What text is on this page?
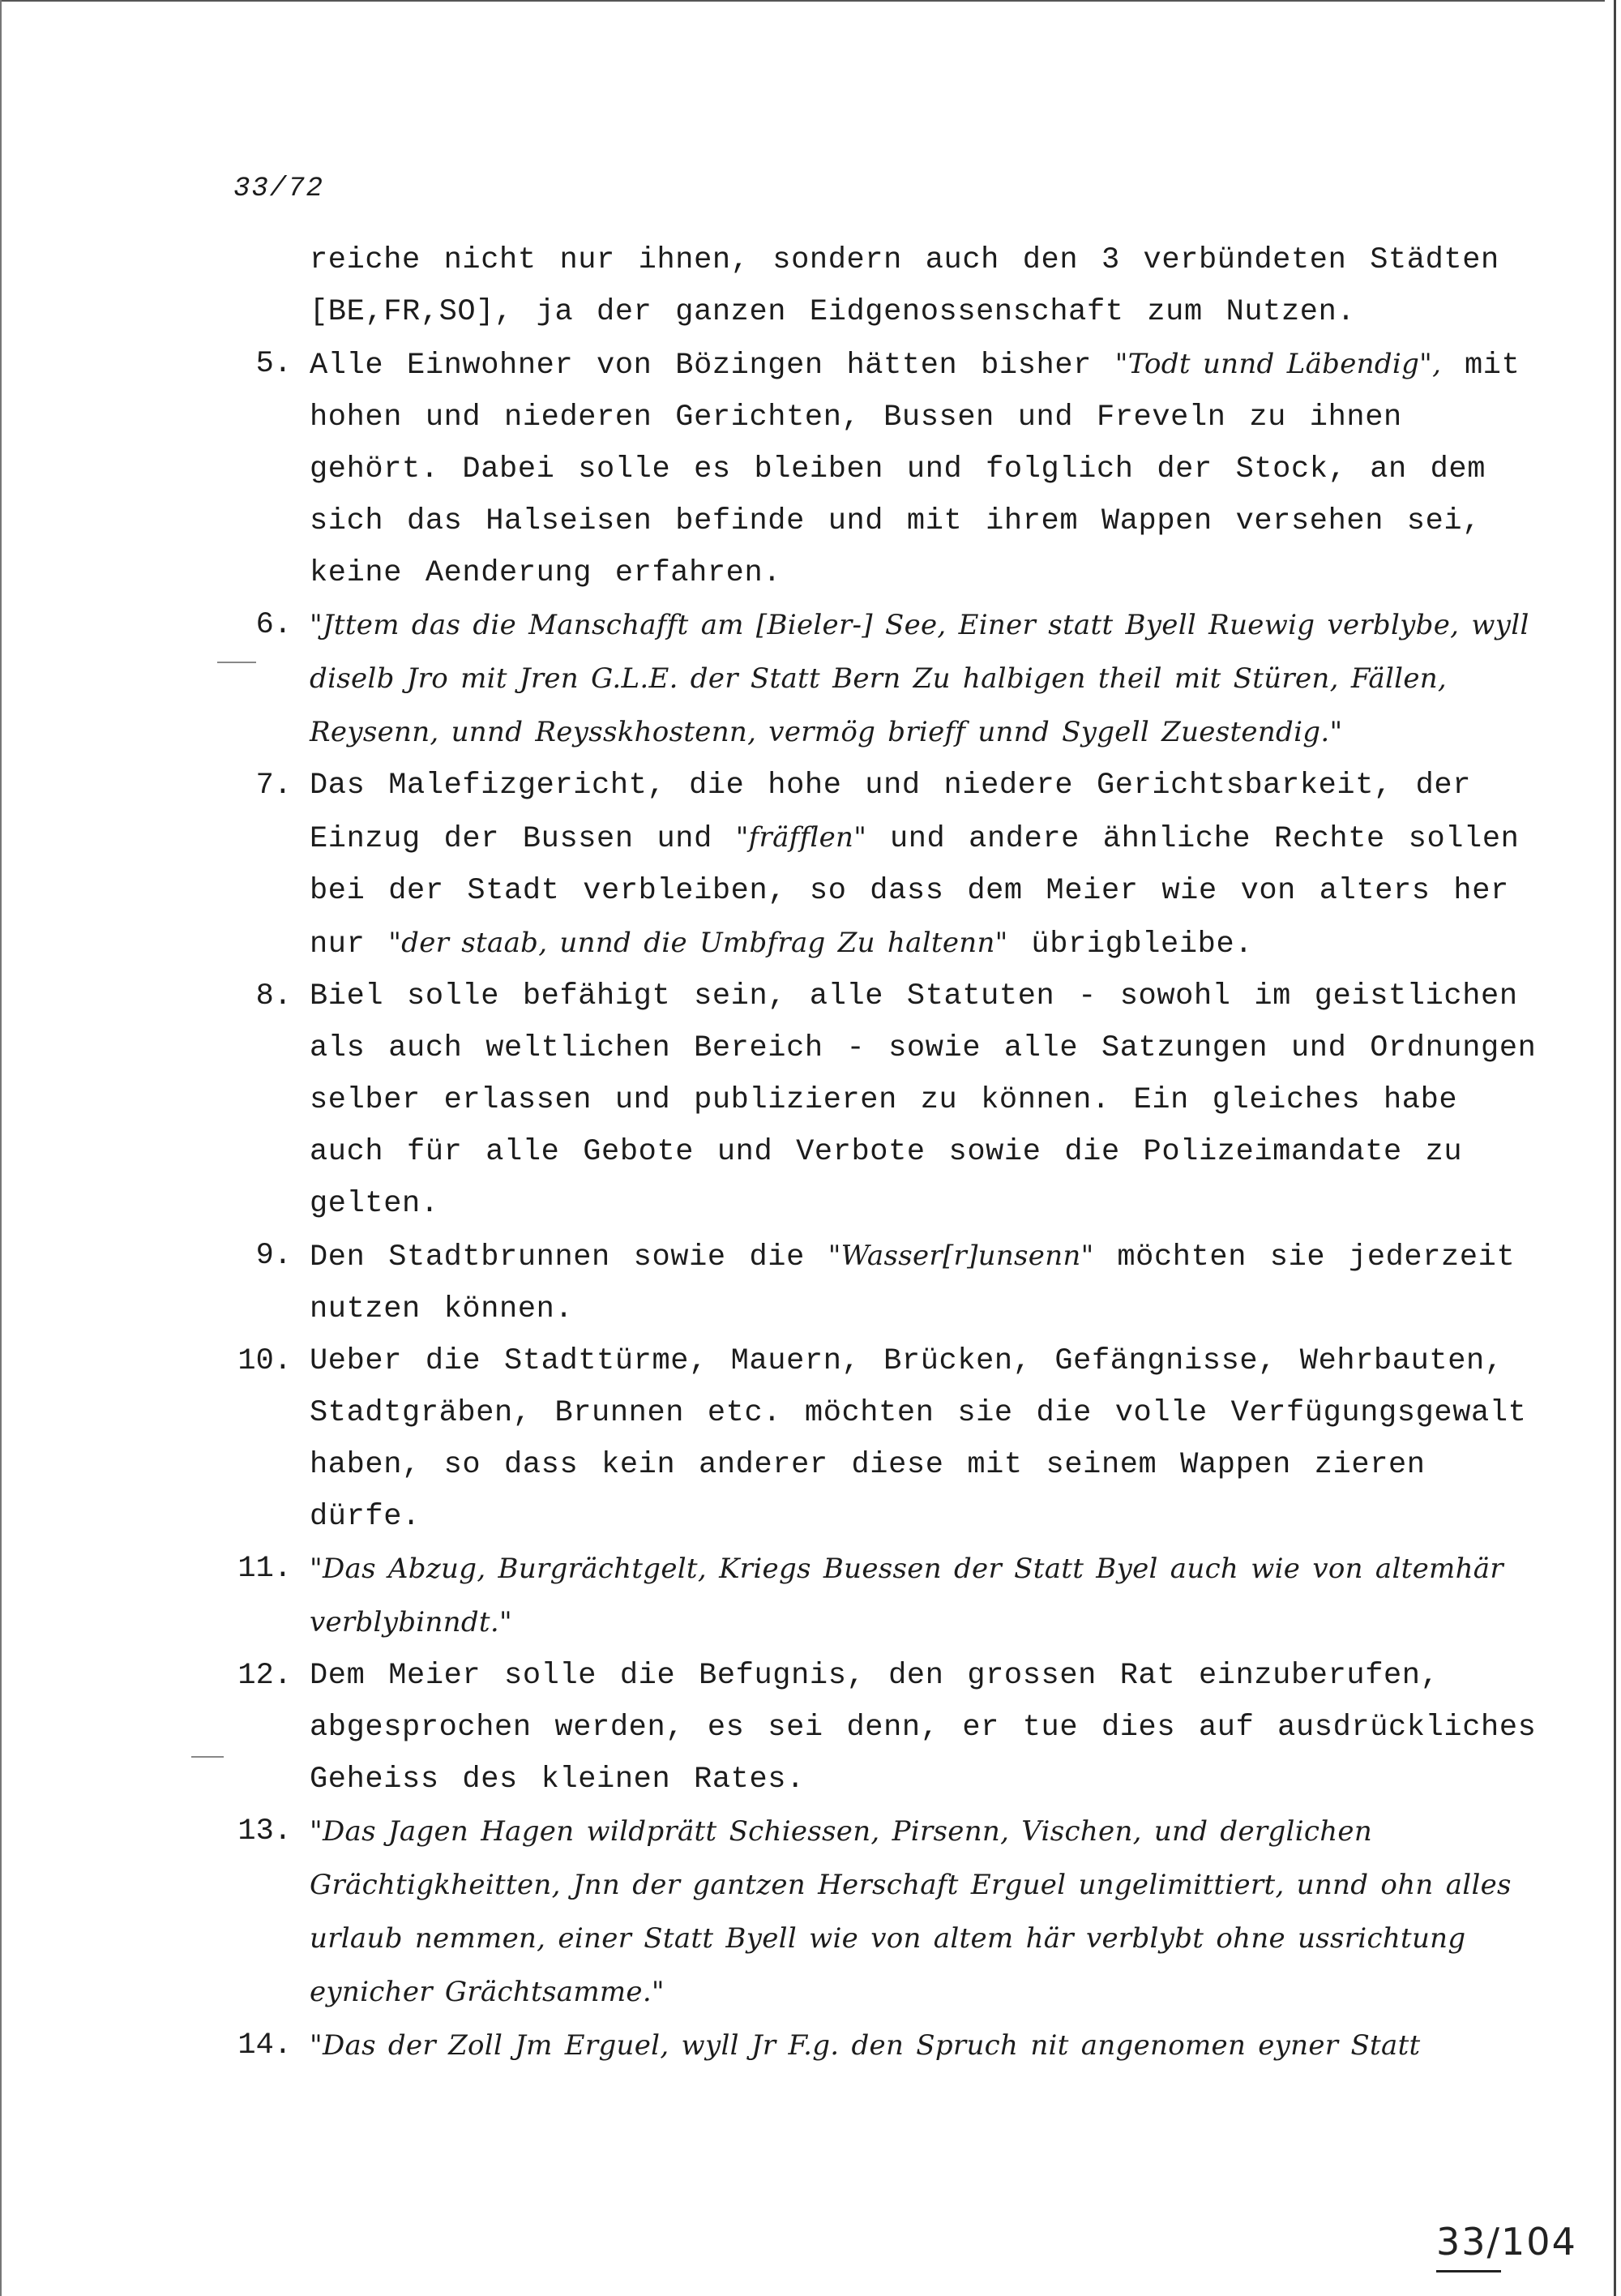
33/72
reiche nicht nur ihnen, sondern auch den 3 verbündeten Städten [BE,FR,SO], ja der ganzen Eidgenossenschaft zum Nutzen.
5. Alle Einwohner von Bözingen hätten bisher "Todt unnd Läbendig", mit hohen und niederen Gerichten, Bussen und Freveln zu ihnen gehört. Dabei solle es bleiben und folglich der Stock, an dem sich das Halseisen befinde und mit ihrem Wappen versehen sei, keine Aenderung erfahren.
6. "Jttem das die Manschafft am [Bieler-] See, Einer statt Byell Ruewig verblybe, wyll diselb Jro mit Jren G.L.E. der Statt Bern Zu halbigen theil mit Stüren, Fällen, Reysenn, unnd Reysskhostenn, vermög brieff unnd Sygell Zuestendig."
7. Das Malefizgericht, die hohe und niedere Gerichtsbarkeit, der Einzug der Bussen und "fräfflen" und andere ähnliche Rechte sollen bei der Stadt verbleiben, so dass dem Meier wie von alters her nur "der staab, unnd die Umbfrag Zu haltenn" übrigbleibe.
8. Biel solle befähigt sein, alle Statuten - sowohl im geistlichen als auch weltlichen Bereich - sowie alle Satzungen und Ordnungen selber erlassen und publizieren zu können. Ein gleiches habe auch für alle Gebote und Verbote sowie die Polizeimandate zu gelten.
9. Den Stadtbrunnen sowie die "Wasser[r]unsenn" möchten sie jederzeit nutzen können.
10. Ueber die Stadttürme, Mauern, Brücken, Gefängnisse, Wehrbauten, Stadtgräben, Brunnen etc. möchten sie die volle Verfügungsgewalt haben, so dass kein anderer diese mit seinem Wappen zieren dürfe.
11. "Das Abzug, Burgrächtgelt, Kriegs Buessen der Statt Byel auch wie von altemhär verblybinndt."
12. Dem Meier solle die Befugnis, den grossen Rat einzuberufen, abgesprochen werden, es sei denn, er tue dies auf ausdrückliches Geheiss des kleinen Rates.
13. "Das Jagen Hagen wildprätt Schiessen, Pirsenn, Vischen, und derglichen Grächtigkheitten, Jnn der gantzen Herschaft Erguel ungelimittiert, unnd ohn alles urlaub nemmen, einer Statt Byell wie von altem här verblybt ohne ussrichtung eynicher Grächtsamme."
14. "Das der Zoll Jm Erguel, wyll Jr F.g. den Spruch nit angenomen eyner Statt
33/104
